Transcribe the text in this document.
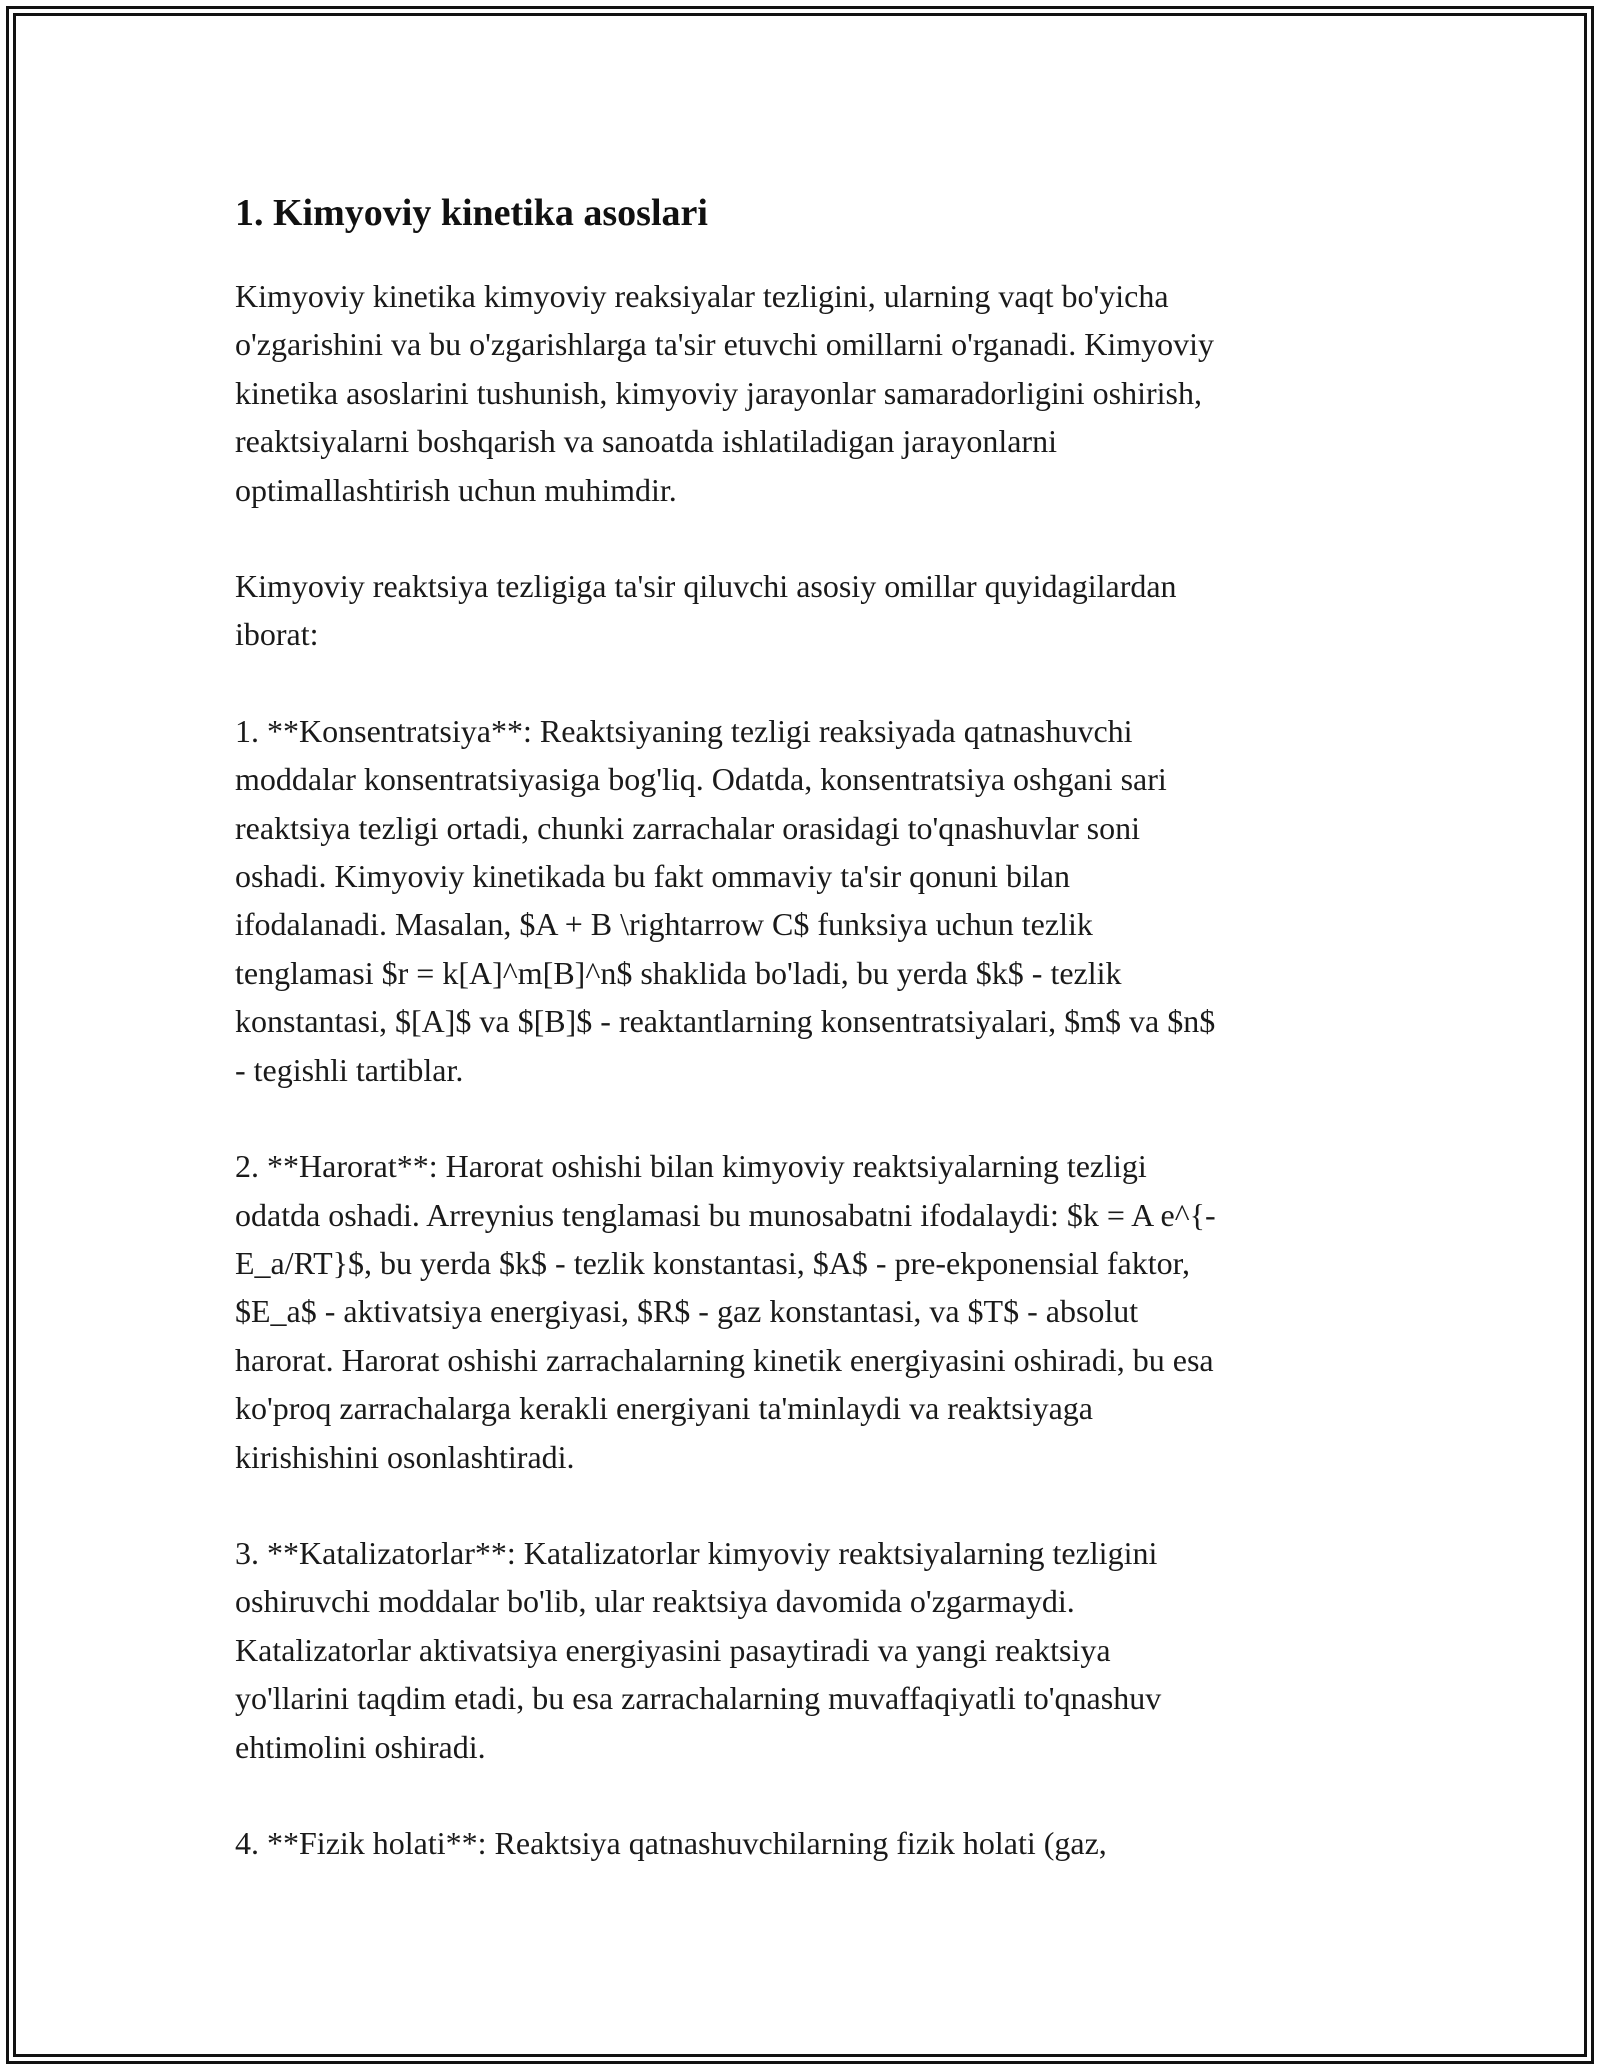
1. Kimyoviy kinetika asoslari

Kimyoviy kinetika kimyoviy reaksiyalar tezligini, ularning vaqt bo'yicha
o'zgarishini va bu o'zgarishlarga ta'sir etuvchi omillarni o'rganadi. Kimyoviy
kinetika asoslarini tushunish, kimyoviy jarayonlar samaradorligini oshirish,
reaktsiyalarni boshqarish va sanoatda ishlatiladigan jarayonlarni
optimallashtirish uchun muhimdir.

Kimyoviy reaktsiya tezligiga ta'sir qiluvchi asosiy omillar quyidagilardan
iborat:

1. **Konsentratsiya**: Reaktsiyaning tezligi reaksiyada qatnashuvchi
moddalar konsentratsiyasiga bog'liq. Odatda, konsentratsiya oshgani sari
reaktsiya tezligi ortadi, chunki zarrachalar orasidagi to'qnashuvlar soni
oshadi. Kimyoviy kinetikada bu fakt ommaviy ta'sir qonuni bilan
ifodalanadi. Masalan, $A + B \rightarrow C$ funksiya uchun tezlik
tenglamasi $r = k[A]^m[B]^n$ shaklida bo'ladi, bu yerda $k$ - tezlik
konstantasi, $[A]$ va $[B]$ - reaktantlarning konsentratsiyalari, $m$ va $n$
- tegishli tartiblar.

2. **Harorat**: Harorat oshishi bilan kimyoviy reaktsiyalarning tezligi
odatda oshadi. Arreynius tenglamasi bu munosabatni ifodalaydi: $k = A e^{-
E_a/RT}$, bu yerda $k$ - tezlik konstantasi, $A$ - pre-ekponensial faktor,
$E_a$ - aktivatsiya energiyasi, $R$ - gaz konstantasi, va $T$ - absolut
harorat. Harorat oshishi zarrachalarning kinetik energiyasini oshiradi, bu esa
ko'proq zarrachalarga kerakli energiyani ta'minlaydi va reaktsiyaga
kirishishini osonlashtiradi.

3. **Katalizatorlar**: Katalizatorlar kimyoviy reaktsiyalarning tezligini
oshiruvchi moddalar bo'lib, ular reaktsiya davomida o'zgarmaydi.
Katalizatorlar aktivatsiya energiyasini pasaytiradi va yangi reaktsiya
yo'llarini taqdim etadi, bu esa zarrachalarning muvaffaqiyatli to'qnashuv
ehtimolini oshiradi.

4. **Fizik holati**: Reaktsiya qatnashuvchilarning fizik holati (gaz,
